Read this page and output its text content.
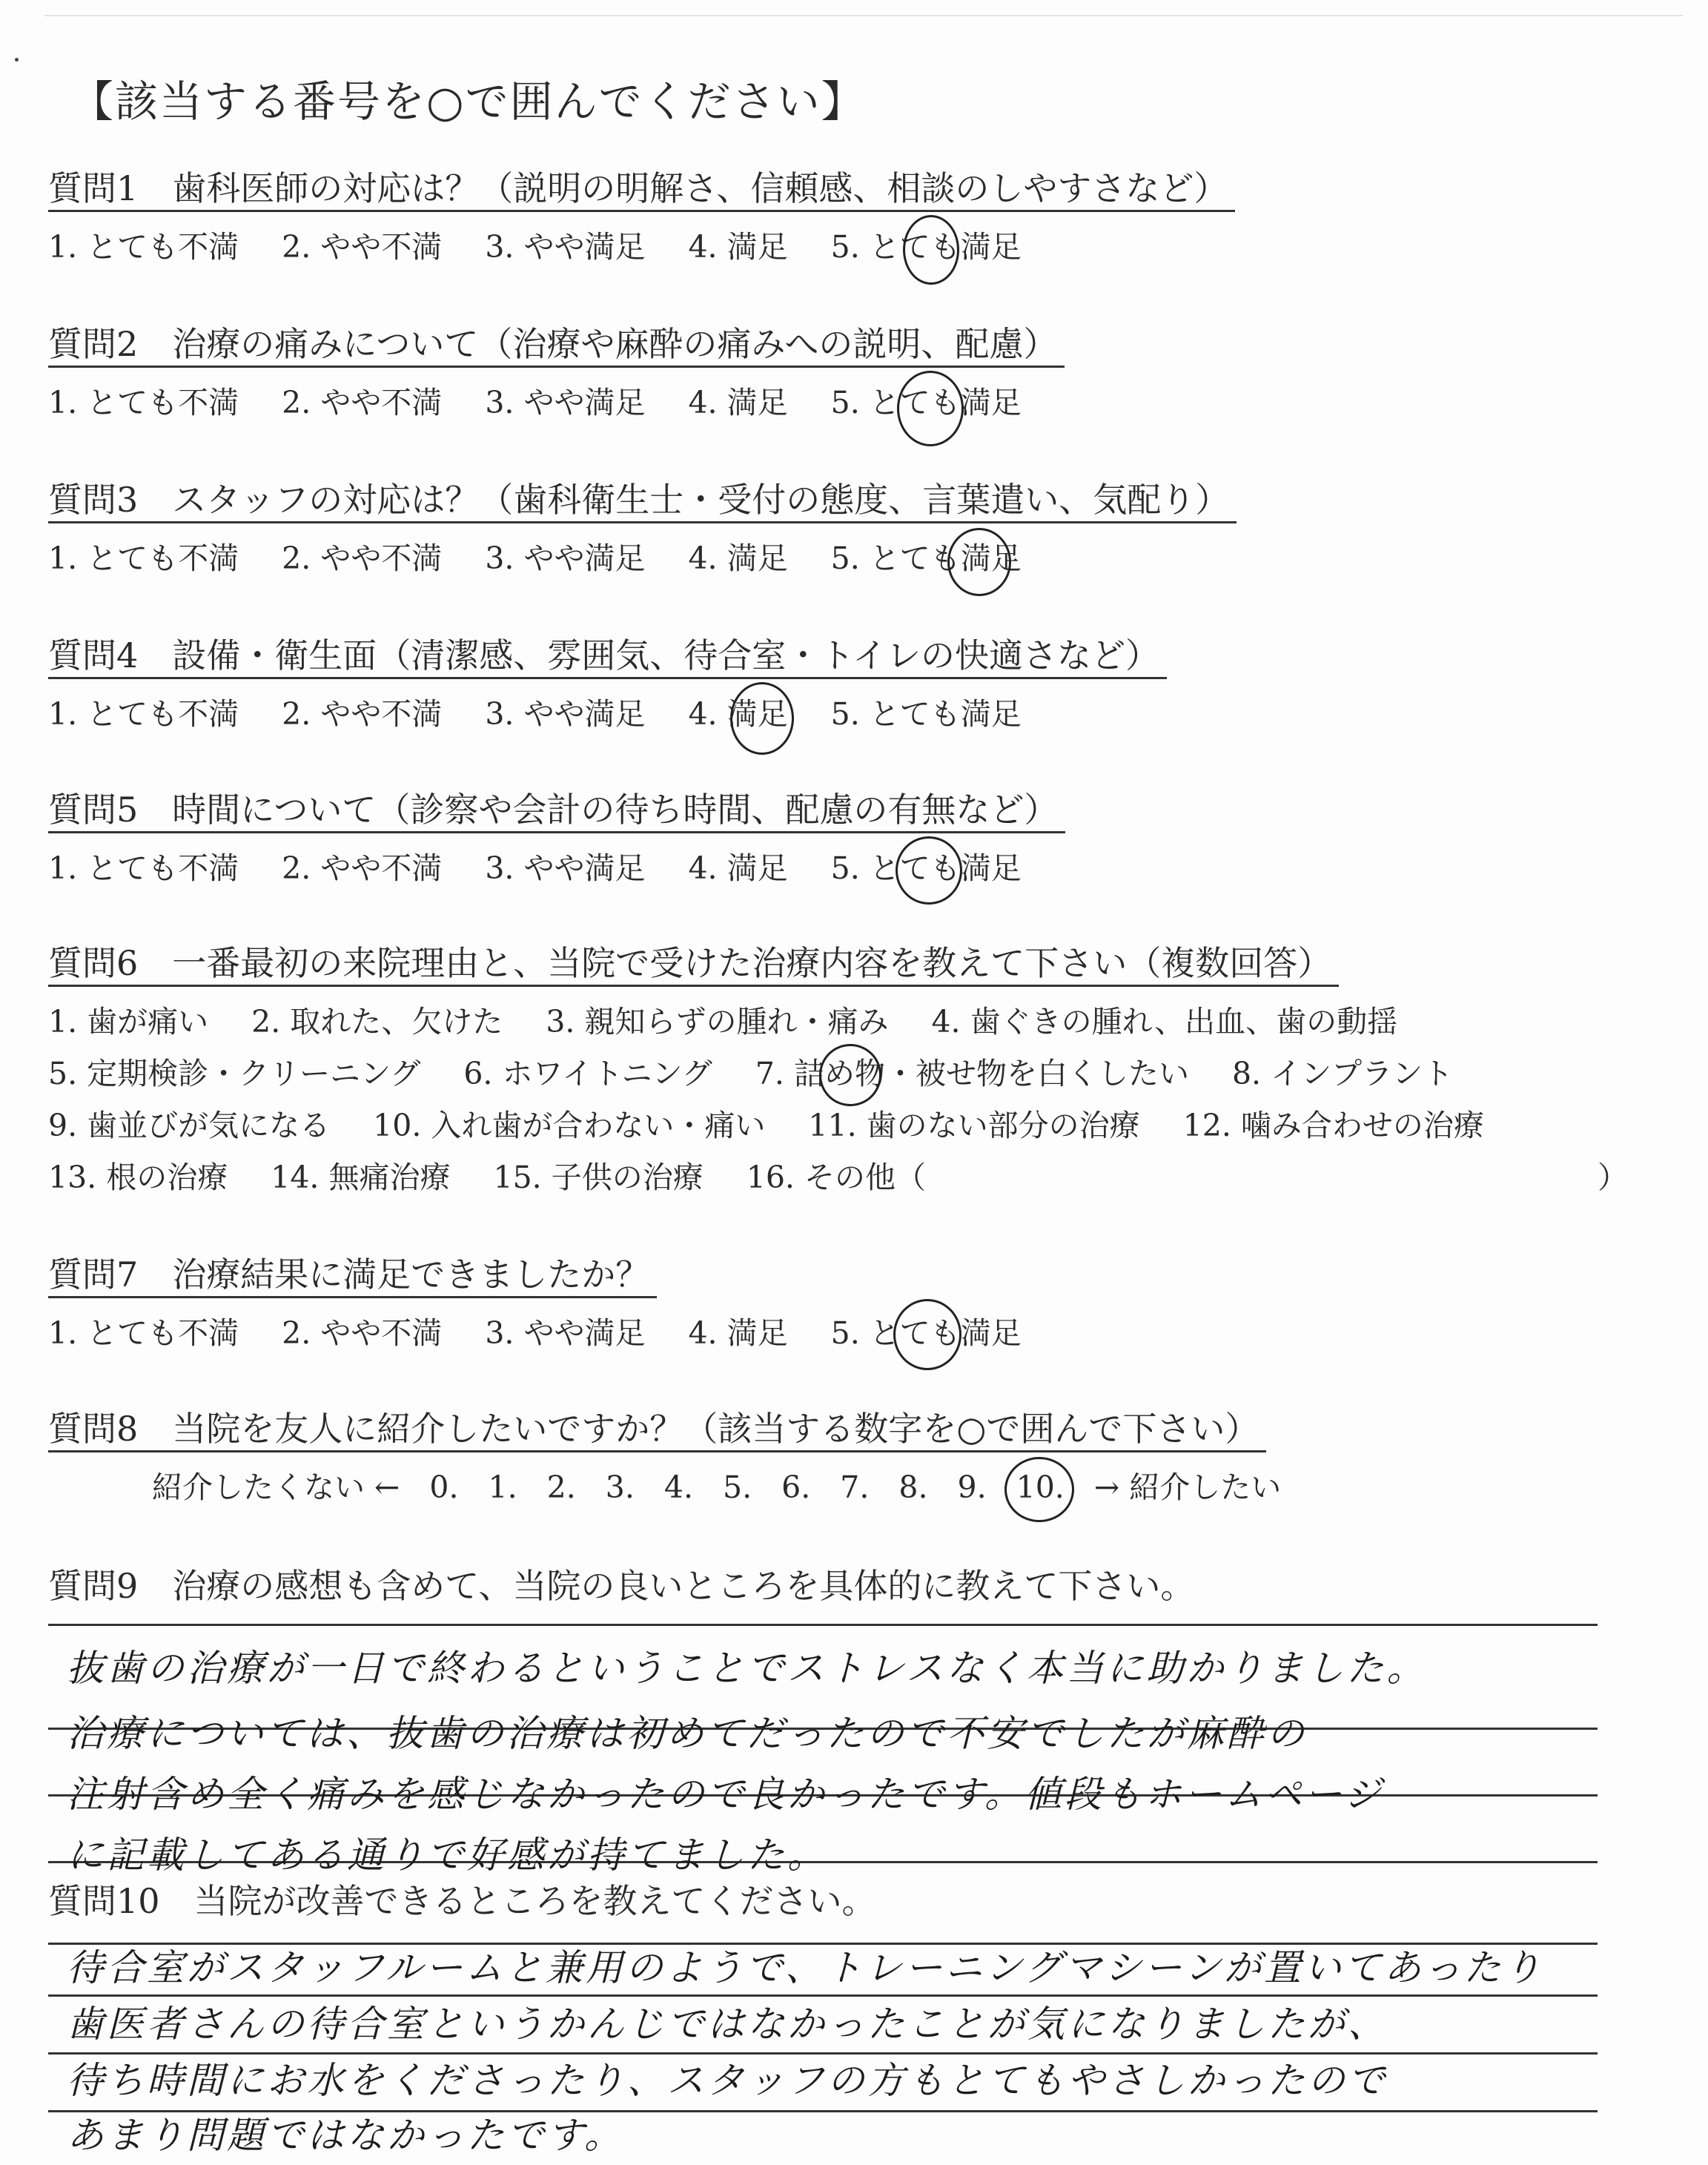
【該当する番号を○で囲んでください】
質問1　歯科医師の対応は？（説明の明解さ、信頼感、相談のしやすさなど）
1. とても不満 2. やや不満 3. やや満足 4. 満足 5. とても満足
質問2　治療の痛みについて（治療や麻酔の痛みへの説明、配慮）
1. とても不満 2. やや不満 3. やや満足 4. 満足 5. とても満足
質問3　スタッフの対応は？（歯科衛生士・受付の態度、言葉遣い、気配り）
1. とても不満 2. やや不満 3. やや満足 4. 満足 5. とても満足
質問4　設備・衛生面（清潔感、雰囲気、待合室・トイレの快適さなど）
1. とても不満 2. やや不満 3. やや満足 4. 満足 5. とても満足
質問5　時間について（診察や会計の待ち時間、配慮の有無など）
1. とても不満 2. やや不満 3. やや満足 4. 満足 5. とても満足
質問6　一番最初の来院理由と、当院で受けた治療内容を教えて下さい（複数回答）
1. 歯が痛い 2. 取れた、欠けた 3. 親知らずの腫れ・痛み 4. 歯ぐきの腫れ、出血、歯の動揺
5. 定期検診・クリーニング 6. ホワイトニング 7. 詰め物・被せ物を白くしたい 8. インプラント
9. 歯並びが気になる 10. 入れ歯が合わない・痛い 11. 歯のない部分の治療 12. 噛み合わせの治療
13. 根の治療 14. 無痛治療 15. 子供の治療 16. その他（	）
質問7　治療結果に満足できましたか？
1. とても不満 2. やや不満 3. やや満足 4. 満足 5. とても満足
質問8　当院を友人に紹介したいですか？（該当する数字を○で囲んで下さい）
紹介したくない ← 0. 1. 2. 3. 4. 5. 6. 7. 8. 9. 10. → 紹介したい
質問9　治療の感想も含めて、当院の良いところを具体的に教えて下さい。
抜歯の治療が一日で終わるということでストレスなく本当に助かりました。
治療については、抜歯の治療は初めてだったので不安でしたが麻酔の
注射含め全く痛みを感じなかったので良かったです。値段もホームページ
に記載してある通りで好感が持てました。
質問10　当院が改善できるところを教えてください。
待合室がスタッフルームと兼用のようで、トレーニングマシーンが置いてあったり
歯医者さんの待合室というかんじではなかったことが気になりましたが、
待ち時間にお水をくださったり、スタッフの方もとてもやさしかったので
あまり問題ではなかったです。
